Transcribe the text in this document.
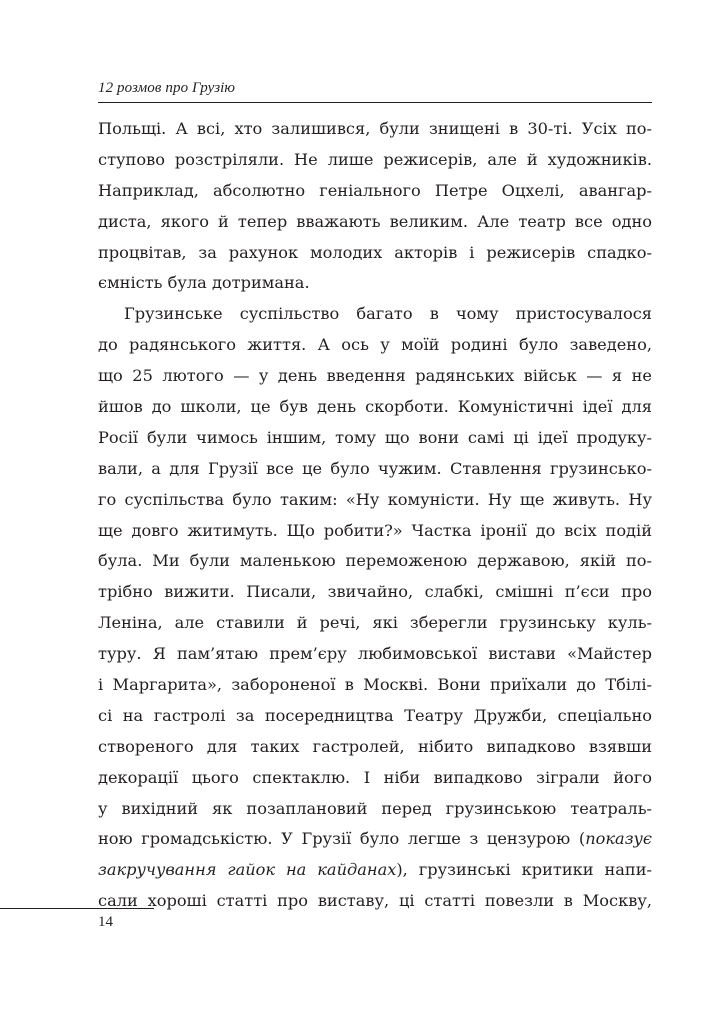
12 розмов про Грузію
Польщі. А всі, хто залишився, були знищені в 30-ті. Усіх по-
ступово розстріляли. Не лише режисерів, але й художників.
Наприклад, абсолютно геніального Петре Оцхелі, авангар-
диста, якого й тепер вважають великим. Але театр все одно
процвітав, за рахунок молодих акторів і режисерів спадко-
ємність була дотримана.
Грузинське суспільство багато в чому пристосувалося
до радянського життя. А ось у моїй родині було заведено,
що 25 лютого — у день введення радянських військ — я не
йшов до школи, це був день скорботи. Комуністичні ідеї для
Росії були чимось іншим, тому що вони самі ці ідеї продуку-
вали, а для Грузії все це було чужим. Ставлення грузинсько-
го суспільства було таким: «Ну комуністи. Ну ще живуть. Ну
ще довго житимуть. Що робити?» Частка іронії до всіх подій
була. Ми були маленькою переможеною державою, якій по-
трібно вижити. Писали, звичайно, слабкі, смішні п’єси про
Леніна, але ставили й речі, які зберегли грузинську куль-
туру. Я пам’ятаю прем’єру любимовської вистави «Майстер
і Маргарита», забороненої в Москві. Вони приїхали до Тбілі-
сі на гастролі за посередництва Театру Дружби, спеціально
створеного для таких гастролей, нібито випадково взявши
декорації цього спектаклю. І ніби випадково зіграли його
у вихідний як позаплановий перед грузинською театраль-
ною громадськістю. У Грузії було легше з цензурою (показує
закручування гайок на кайданах), грузинські критики напи-
сали хороші статті про виставу, ці статті повезли в Москву,
14
